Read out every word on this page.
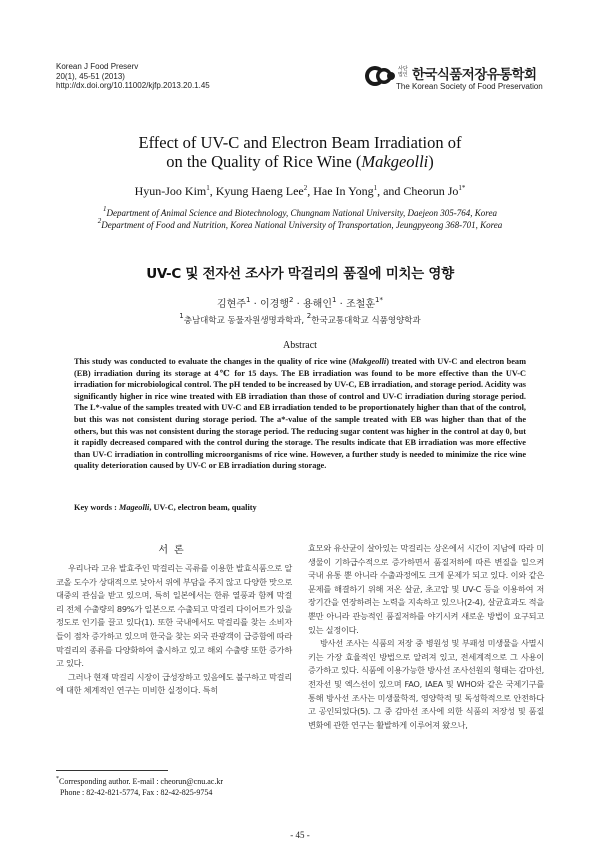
Korean J Food Preserv
20(1), 45-51 (2013)
http://dx.doi.org/10.11002/kjfp.2013.20.1.45
사단 법인 한국식품저장유통학회
The Korean Society of Food Preservation
Effect of UV-C and Electron Beam Irradiation of
on the Quality of Rice Wine (Makgeolli)
Hyun-Joo Kim$^1$, Kyung Haeng Lee$^2$, Hae In Yong$^1$, and Cheorun $Jo^{1*}$
$^1$Department of Animal Science and Biotechnology, Chungnam National University, Daejeon 305-764, Korea
$^2$Department of Food and Nutrition, Korea National University of Transportation, Jeungpyeong 368-701, Korea
UV-C 및 전자선 조사가 막걸리의 품질에 미치는 영향
김현주$^1$ · 이경행$^2$ · 용해인$^1$ · 조철훈$^{1*}$
$^1$충남대학교 동물자원생명과학과, $^2$한국교통대학교 식품영양학과
Abstract
This study was conducted to evaluate the changes in the quality of rice wine (Makgeolli) treated with UV-C and electron beam (EB) irradiation during its storage at 4℃ for 15 days. The EB irradiation was found to be more effective than the UV-C irradiation for microbiological control. The pH tended to be increased by UV-C, EB irradiation, and storage period. Acidity was significantly higher in rice wine treated with EB irradiation than those of control and UV-C irradiation during storage period. The L*-value of the samples treated with UV-C and EB irradiation tended to be proportionately higher than that of the control, but this was not consistent during storage period. The a*-value of the sample treated with EB was higher than that of the others, but this was not consistent during the storage period. The reducing sugar content was higher in the control at day 0, but it rapidly decreased compared with the control during the storage. The results indicate that EB irradiation was more effective than UV-C irradiation in controlling microorganisms of rice wine. However, a further study is needed to minimize the rice wine quality deterioration caused by UV-C or EB irradiation during storage.
Key words : Mageolli, UV-C, electron beam, quality
서론

우리나라 고유 발효주인 막걸리는 곡류를 이용한 발효식품으로 알코올 도수가 상대적으로 낮아서 위에 부담을 주지 않고 다양한 맛으로 대중의 관심을 받고 있으며, 특히 일본에서는 한류 열풍과 함께 막걸리 전체 수출량의 89%가 일본으로 수출되고 막걸리 다이어트가 있을 정도로 인기를 끌고 있다(1). 또한 국내에서도 막걸리를 찾는 소비자들이 점차 증가하고 있으며 한국을 찾는 외국 관광객이 급증함에 따라 막걸리의 종류를 다양화하여 출시하고 있고 해외 수출량 또한 증가하고 있다.

그러나 현재 막걸리 시장이 급성장하고 있음에도 불구하고 막걸리에 대한 체계적인 연구는 미비한 실정이다. 특히

효모와 유산균이 살아있는 막걸리는 상온에서 시간이 지남에 따라 미생물이 기하급수적으로 증가하면서 품질저하에 따른 변질을 일으켜 국내 유통 뿐 아니라 수출과정에도 크게 문제가 되고 있다. 이와 같은 문제를 해결하기 위해 저온 살균, 초고압 및 UV-C 등을 이용하여 저장기간을 연장하려는 노력을 지속하고 있으나(2-4), 살균효과도 적을 뿐만 아니라 관능적인 품질저하를 야기시켜 새로운 방법이 요구되고 있는 실정이다.

방사선 조사는 식품의 저장 중 병원성 및 부패성 미생물을 사멸시키는 가장 효율적인 방법으로 알려져 있고, 전세계적으로 그 사용이 증가하고 있다. 식품에 이용가능한 방사선 조사선원의 형태는 감마선, 전자선 및 엑스선이 있으며 FAO, IAEA 및 WHO와 같은 국제기구를 통해 방사선 조사는 미생물학적, 영양학적 및 독성학적으로 안전하다고 공인되었다(5). 그 중 감마선 조사에 의한 식품의 저장성 및 품질 변화에 관한 연구는 활발하게 이루어져 왔으나,

*Corresponding author. E-mail : cheorun@cnu.ac.kr
Phone : 82-42-821-5774, Fax : 82-42-825-9754
- 45 -
